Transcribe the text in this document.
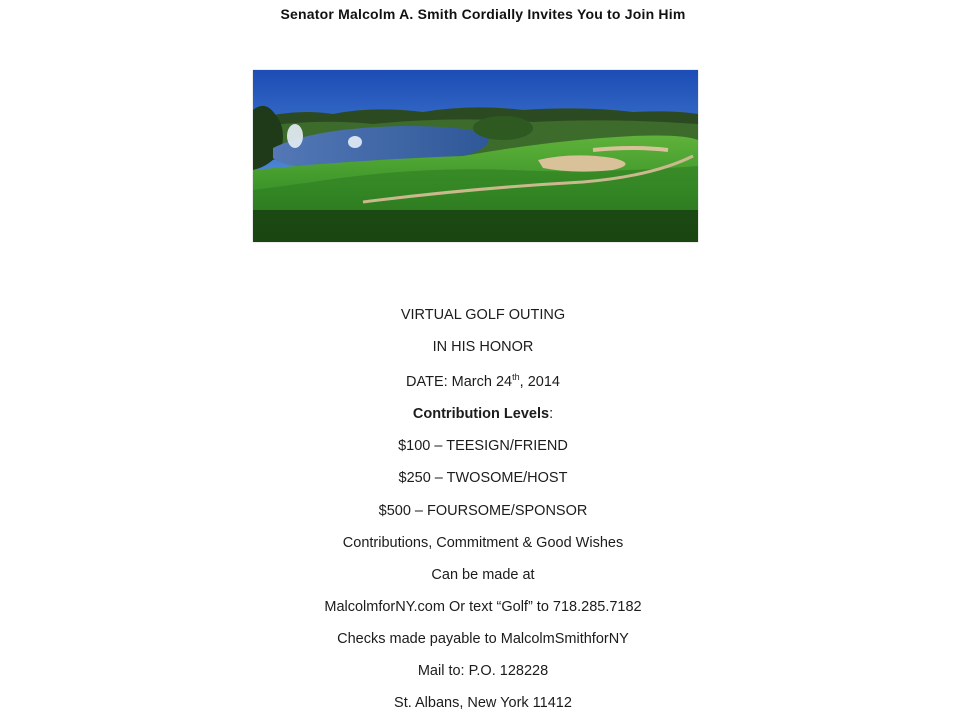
Senator Malcolm A. Smith Cordially Invites You to Join Him
VIRTUAL GOLF OUTING
IN HIS HONOR
DATE: March 24th, 2014
Contribution Levels:
$100 – TEESIGN/FRIEND
$250 – TWOSOME/HOST
$500 – FOURSOME/SPONSOR
Contributions, Commitment & Good Wishes
Can be made at
MalcolmforNY.com Or text “Golf” to 718.285.7182
Checks made payable to MalcolmSmithforNY
Mail to: P.O. 128228
St. Albans, New York 11412
